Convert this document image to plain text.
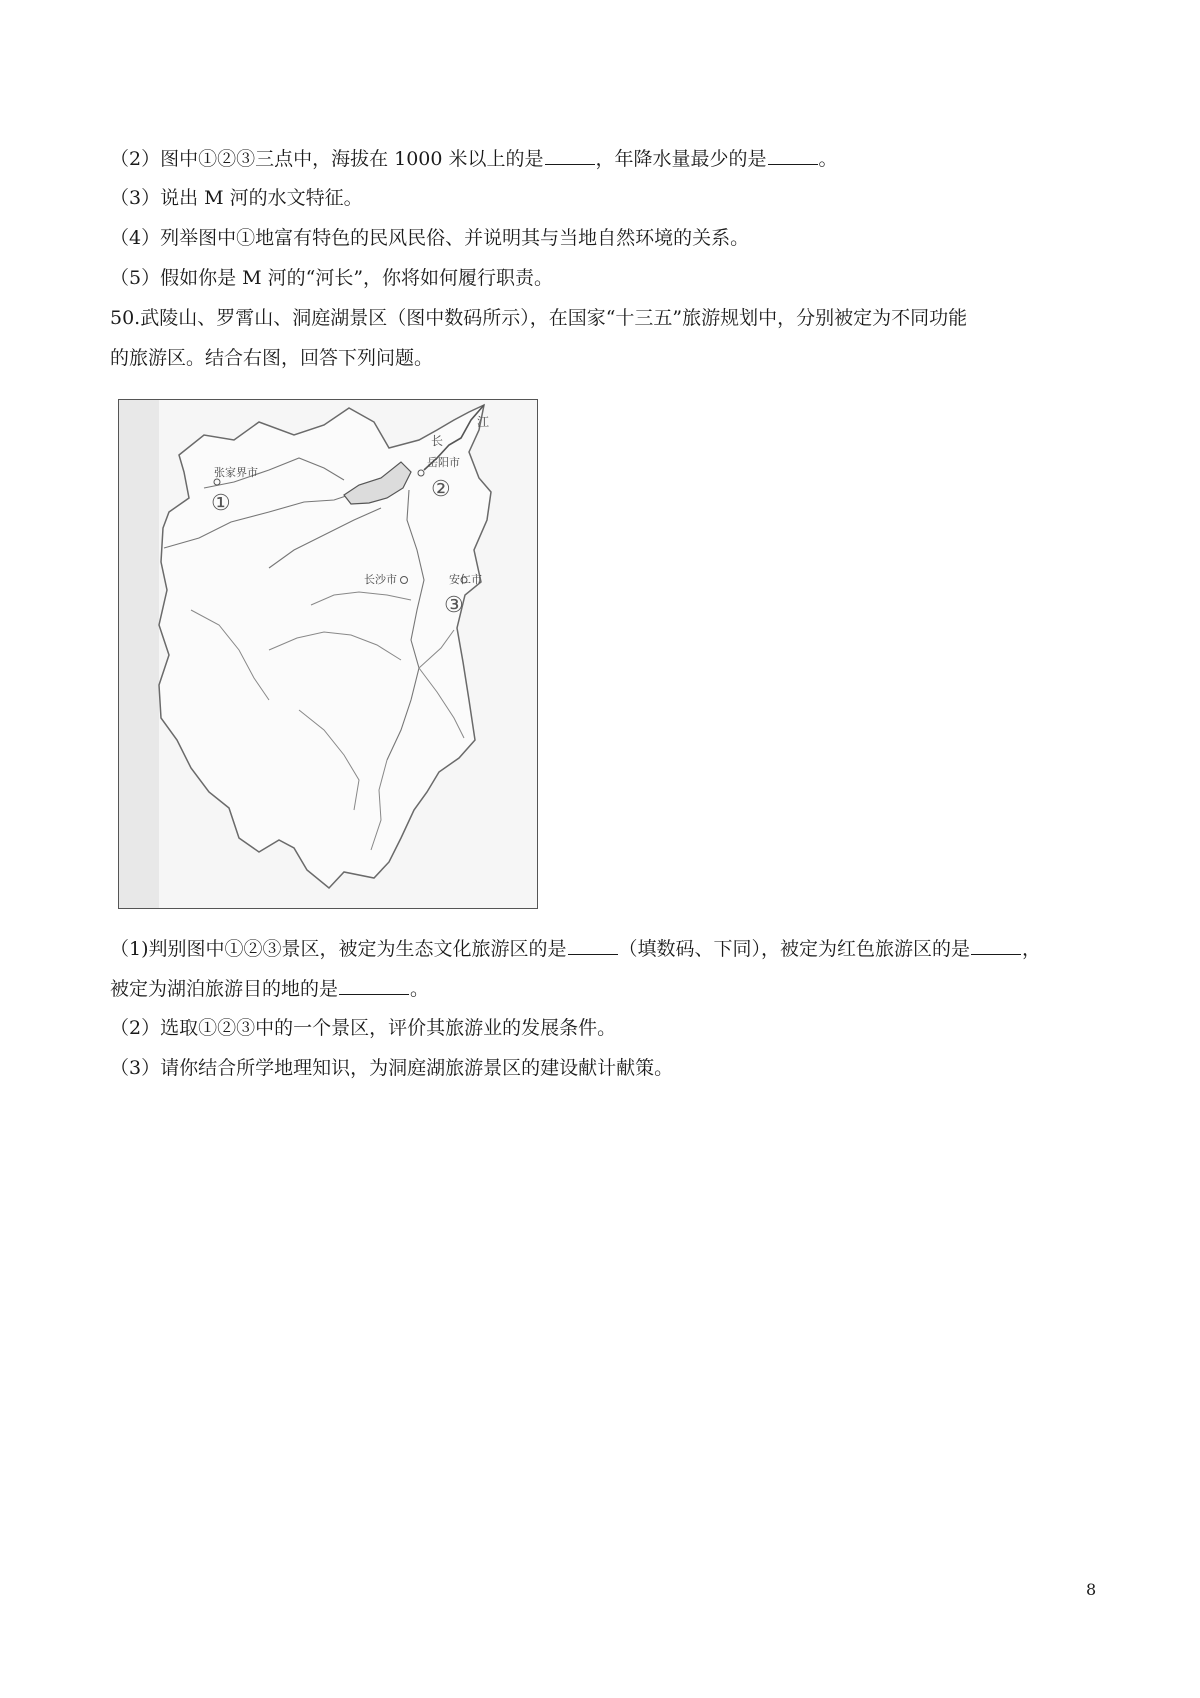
（2）图中①②③三点中，海拔在 1000 米以上的是	，年降水量最少的是	。
（3）说出 M 河的水文特征。
（4）列举图中①地富有特色的民风民俗、并说明其与当地自然环境的关系。
（5）假如你是 M 河的“河长”，你将如何履行职责。
50.武陵山、罗霄山、洞庭湖景区（图中数码所示），在国家“十三五”旅游规划中，分别被定为不同功能
的旅游区。结合右图，回答下列问题。
江
长
张家界市
岳阳市
长沙市	安仁市
①
②
③
（1)判别图中①②③景区，被定为生态文化旅游区的是	（填数码、下同），被定为红色旅游区的是	，
被定为湖泊旅游目的地的是	。
（2）选取①②③中的一个景区，评价其旅游业的发展条件。
（3）请你结合所学地理知识，为洞庭湖旅游景区的建设献计献策。
8
